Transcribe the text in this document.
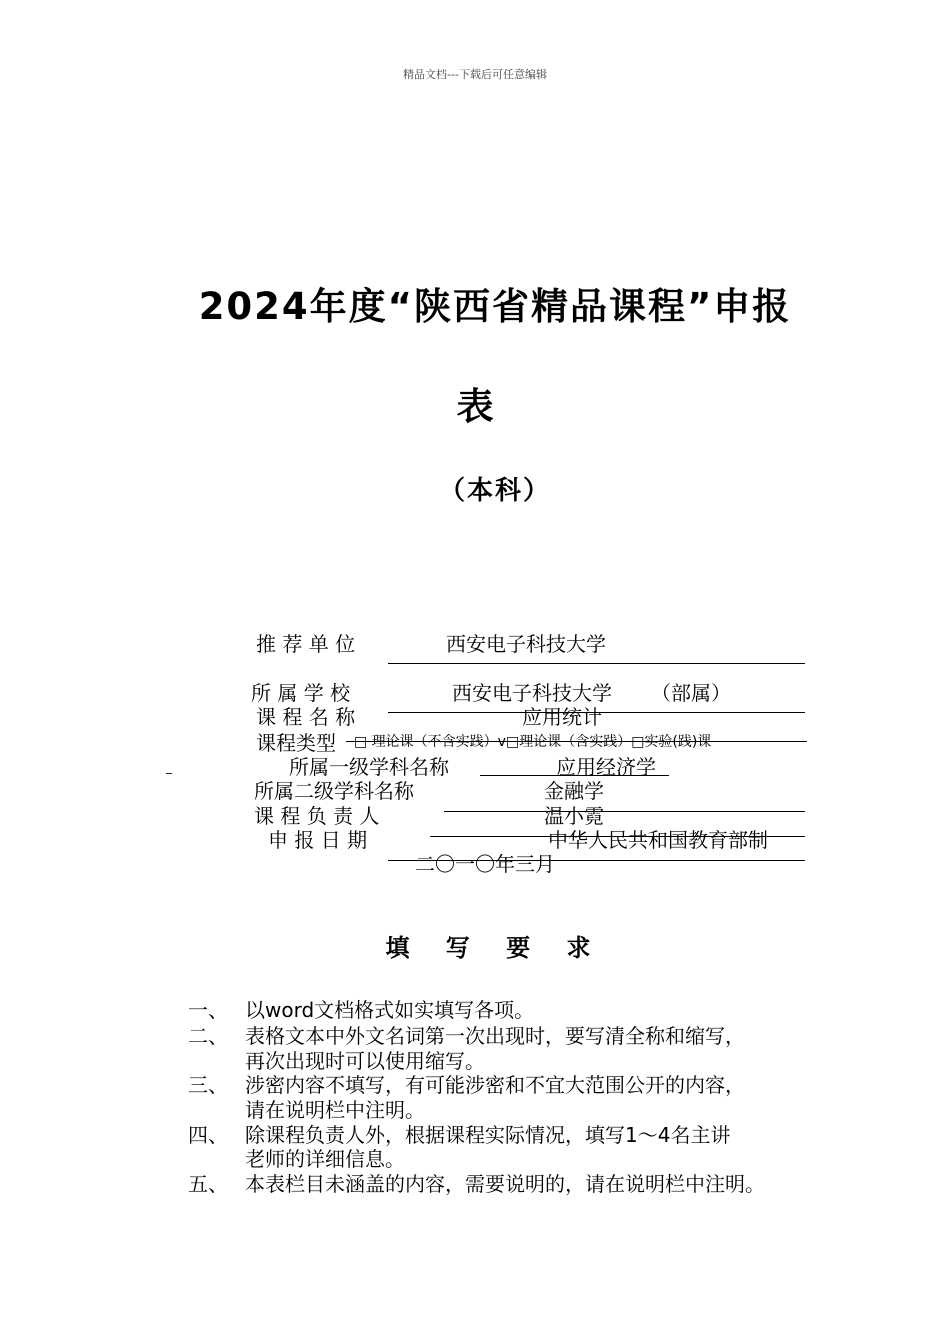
精品文档---下载后可任意编辑
2024年度“陕西省精品课程”申报
表
（本科）
推 荐 单 位	西安电子科技大学
所 属 学 校	西安电子科技大学 （部属）
课 程 名 称	应用统计
课程类型 □ 理论课（不含实践）ⅴ□理论课（含实践）□实验(践)课
所属一级学科名称	应用经济学
_
所属二级学科名称	金融学
课 程 负 责 人	温小霓
申 报 日 期	中华人民共和国教育部制
二〇一〇年三月
填 写 要 求
一、 以word文档格式如实填写各项。
二、 表格文本中外文名词第一次出现时，要写清全称和缩写，
再次出现时可以使用缩写。
三、 涉密内容不填写，有可能涉密和不宜大范围公开的内容，
请在说明栏中注明。
四、 除课程负责人外，根据课程实际情况，填写1～4名主讲
老师的详细信息。
五、 本表栏目未涵盖的内容，需要说明的，请在说明栏中注明。
